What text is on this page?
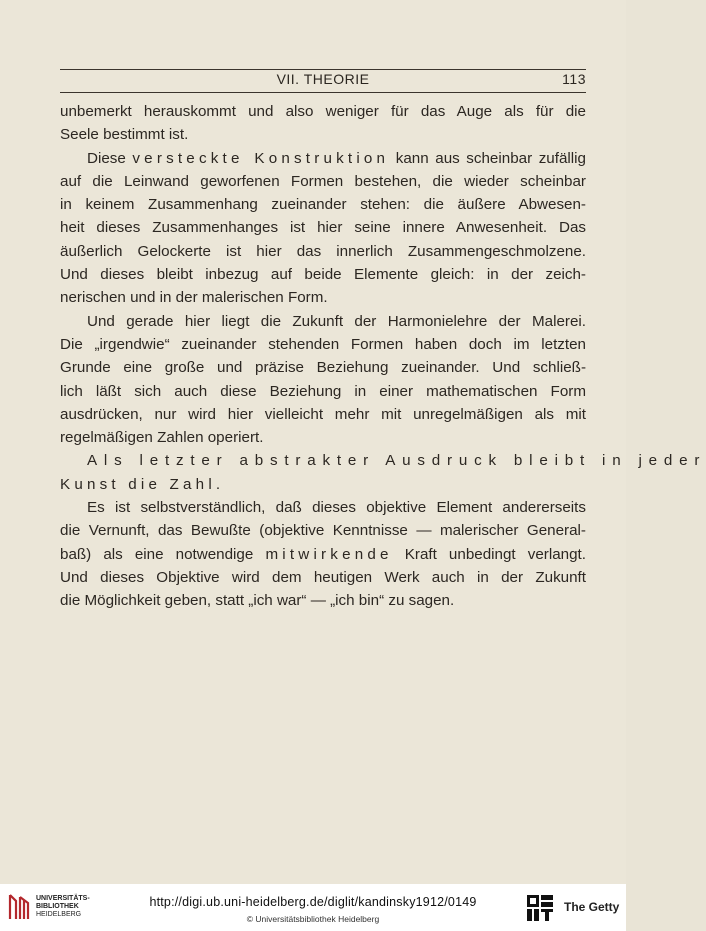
VII. THEORIE	113
unbemerkt herauskommt und also weniger für das Auge als für die
Seele bestimmt ist.
Diese versteckte Konstruktion kann aus scheinbar zufällig
auf die Leinwand geworfenen Formen bestehen, die wieder scheinbar
in keinem Zusammenhang zueinander stehen: die äußere Abwesen-
heit dieses Zusammenhanges ist hier seine innere Anwesenheit. Das
äußerlich Gelockerte ist hier das innerlich Zusammengeschmolzene.
Und dieses bleibt inbezug auf beide Elemente gleich: in der zeich-
nerischen und in der malerischen Form.
Und gerade hier liegt die Zukunft der Harmonielehre der Malerei.
Die „irgendwie“ zueinander stehenden Formen haben doch im letzten
Grunde eine große und präzise Beziehung zueinander. Und schließ-
lich läßt sich auch diese Beziehung in einer mathematischen Form
ausdrücken, nur wird hier vielleicht mehr mit unregelmäßigen als mit
regelmäßigen Zahlen operiert.
Als letzter abstrakter Ausdruck bleibt in jeder
Kunst die Zahl.
Es ist selbstverständlich, daß dieses objektive Element andererseits
die Vernunft, das Bewußte (objektive Kenntnisse — malerischer General-
baß) als eine notwendige mitwirkende Kraft unbedingt verlangt.
Und dieses Objektive wird dem heutigen Werk auch in der Zukunft
die Möglichkeit geben, statt „ich war“ — „ich bin“ zu sagen.
UNIVERSITÄTS-
BIBLIOTHEK
HEIDELBERG
http://digi.ub.uni-heidelberg.de/diglit/kandinsky1912/0149
© Universitätsbibliothek Heidelberg
The Getty
